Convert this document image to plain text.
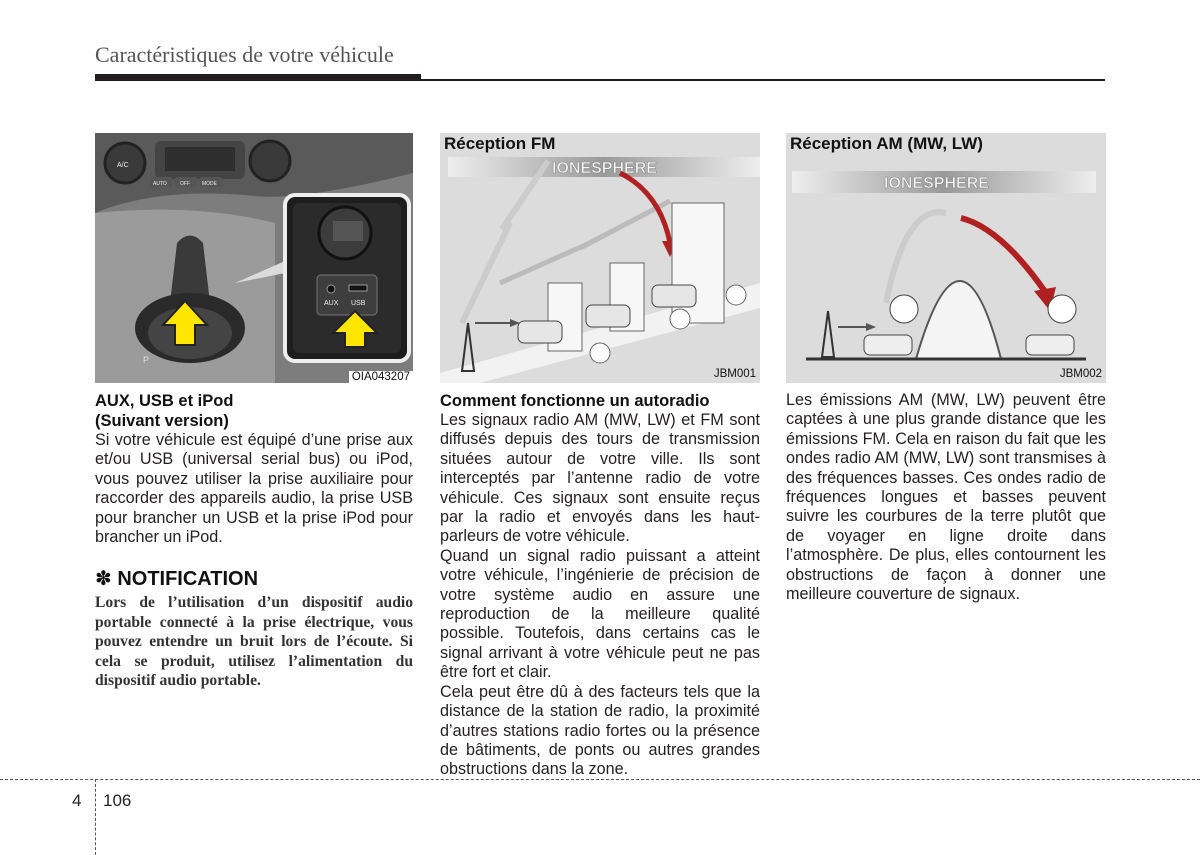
Caractéristiques de votre véhicule
A/C
AUTO	OFF MODE
P
AUX USB
OIA043207
AUX, USB et iPod
(Suivant version)
Si votre véhicule est équipé d’une prise aux et/ou USB (universal serial bus) ou iPod, vous pouvez utiliser la prise auxiliaire pour raccorder des appareils audio, la prise USB pour brancher un USB et la prise iPod pour brancher un iPod.
✽ NOTIFICATION
Lors de l’utilisation d’un dispositif audio portable connecté à la prise électrique, vous pouvez entendre un bruit lors de l’écoute. Si cela se produit, utilisez l’alimentation du dispositif audio portable.
IONESPHERE
Réception FM
JBM001
Comment fonctionne un autoradio

Les signaux radio AM (MW, LW) et FM sont diffusés depuis des tours de transmission situées autour de votre ville. Ils sont interceptés par l’antenne radio de votre véhicule. Ces signaux sont ensuite reçus par la radio et envoyés dans les haut-parleurs de votre véhicule.

Quand un signal radio puissant a atteint votre véhicule, l’ingénierie de précision de votre système audio en assure une reproduction de la meilleure qualité possible. Toutefois, dans certains cas le signal arrivant à votre véhicule peut ne pas être fort et clair.

Cela peut être dû à des facteurs tels que la distance de la station de radio, la proximité d’autres stations radio fortes ou la présence de bâtiments, de ponts ou autres grandes obstructions dans la zone.

IONESPHERE
Réception AM (MW, LW)
JBM002
Les émissions AM (MW, LW) peuvent être captées à une plus grande distance que les émissions FM. Cela en raison du fait que les ondes radio AM (MW, LW) sont transmises à des fréquences basses. Ces ondes radio de fréquences longues et basses peuvent suivre les courbures de la terre plutôt que de voyager en ligne droite dans l’atmosphère. De plus, elles contournent les obstructions de façon à donner une meilleure couverture de signaux.
4 106
